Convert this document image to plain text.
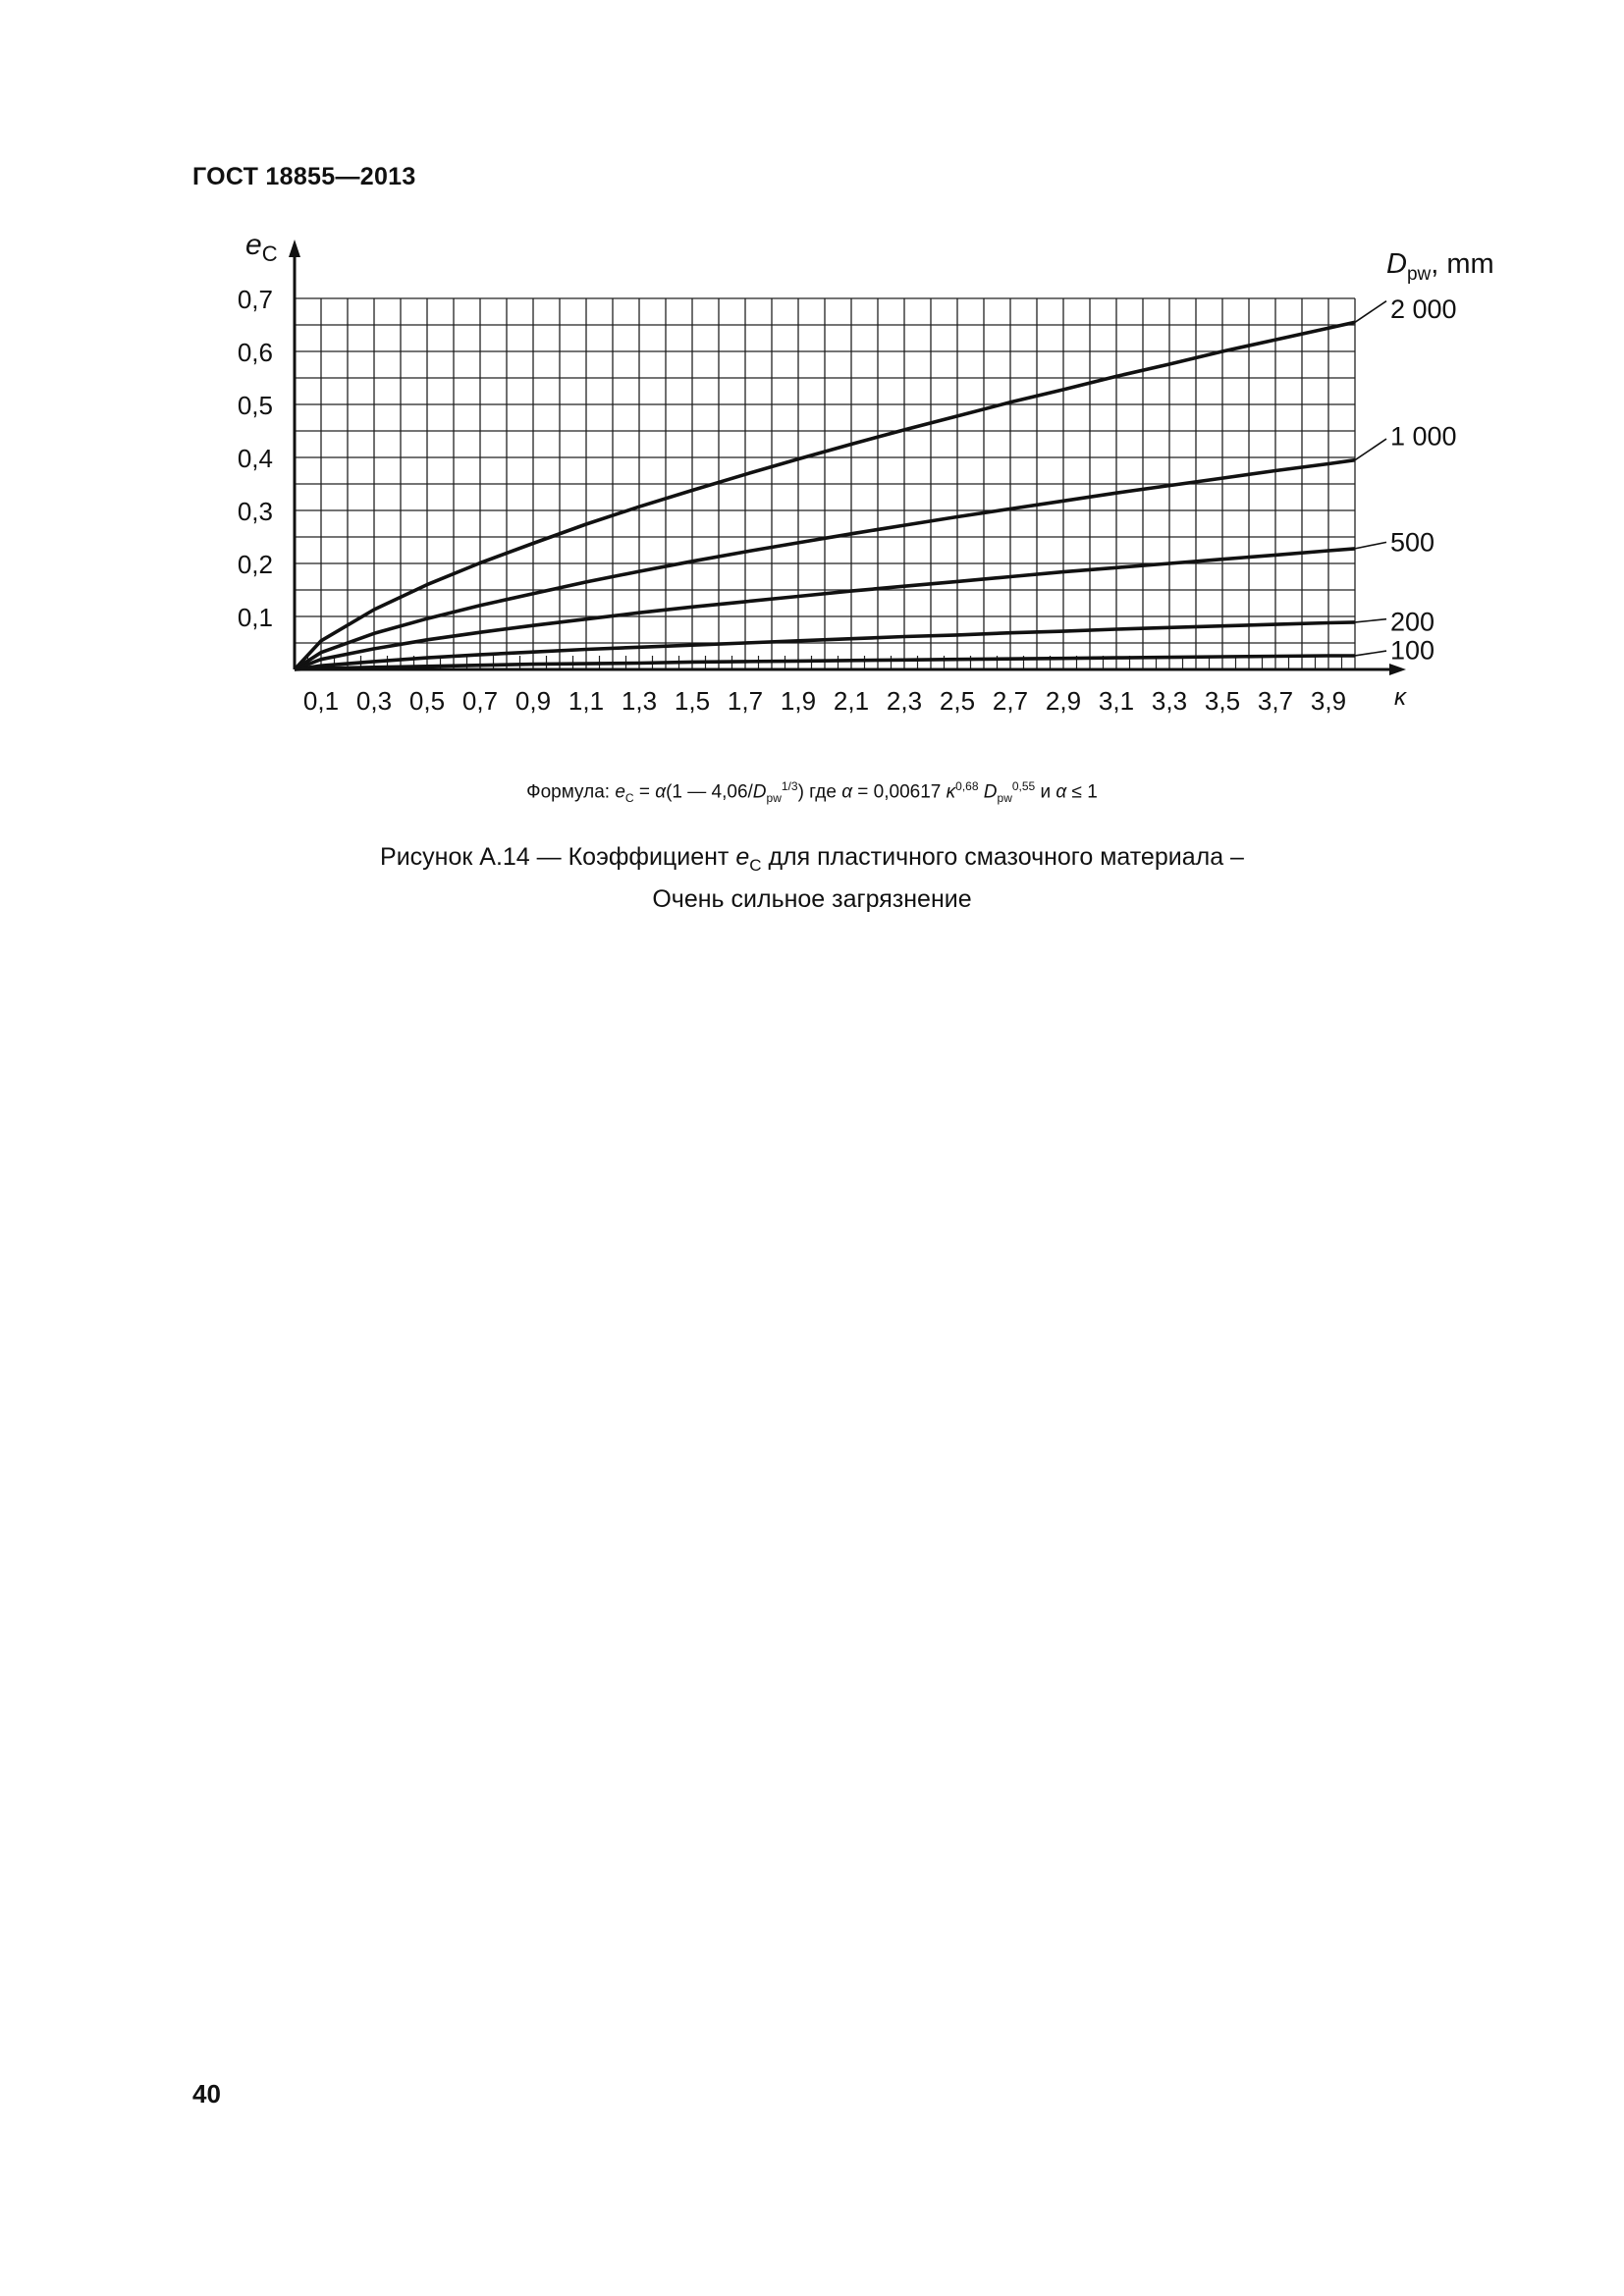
ГОСТ 18855—2013
0,1 0,3 0,5 0,7 0,9 1,1 1,3 1,5 1,7 1,9 2,1 2,3 2,5 2,7 2,9 3,1 3,3 3,5 3,7 3,9
0,1
0,2
0,3
0,4
0,5
0,6
0,7	2 000
1 000
500
200
100
$e_C$
κ
$D_{pw}$, mm
Формула: $e_C = \alpha(1$ — $4,06/D_{pw}^{1/3}$) где α = 0,00617 $\kappa^{0,68}$ $D_{pw}^{0,55}$ и α ≤ 1
Рисунок А.14 — Коэффициент $e_C$ для пластичного смазочного материала –
Очень сильное загрязнение
40
